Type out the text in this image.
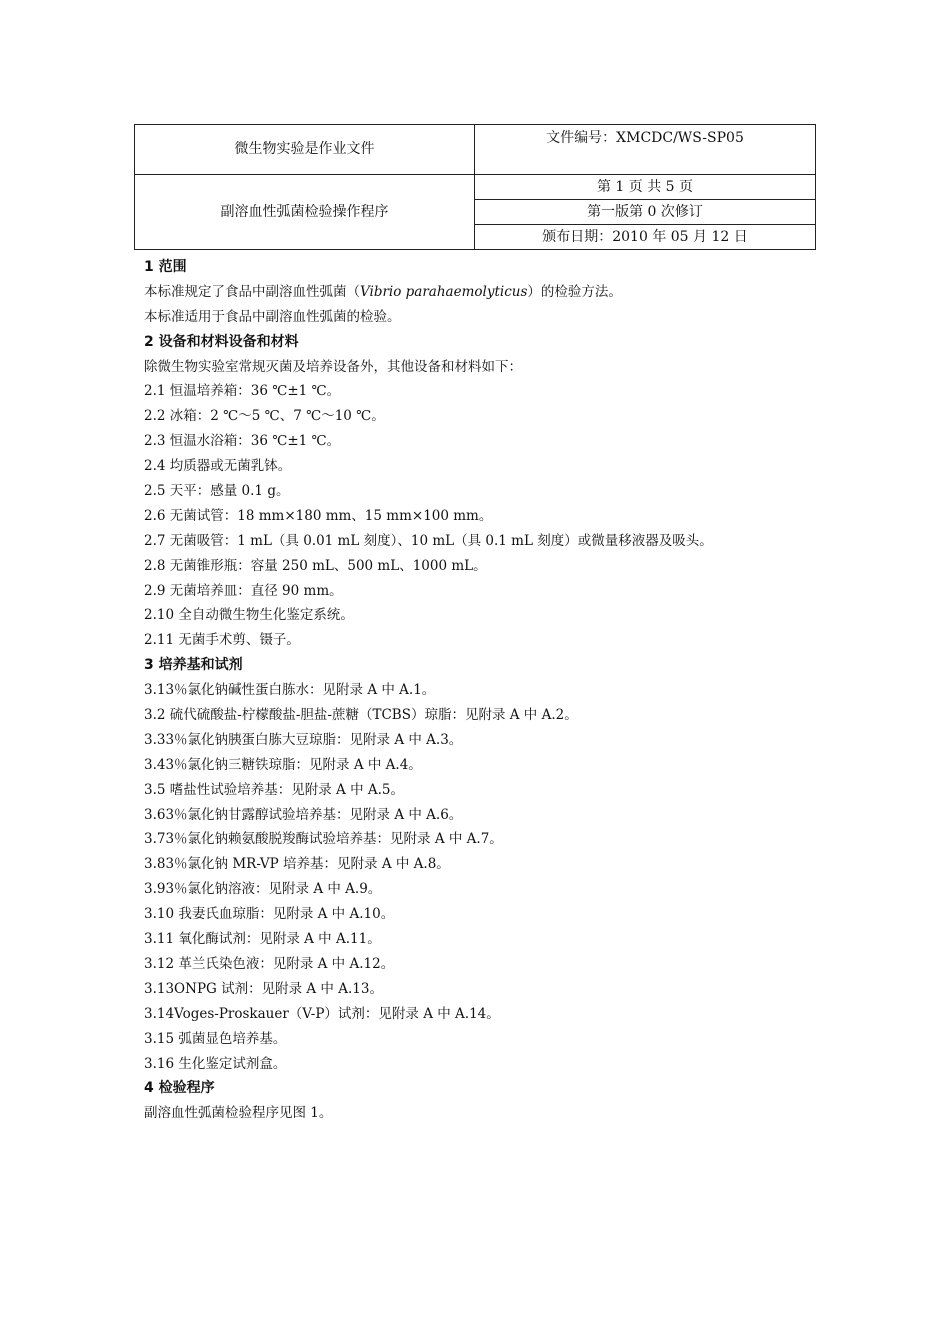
微生物实验是作业文件	文件编号：XMCDC/WS-SP05
副溶血性弧菌检验操作程序	第 1 页 共 5 页
	第一版第 0 次修订
	颁布日期：2010 年 05 月 12 日
1 范围
本标准规定了食品中副溶血性弧菌（Vibrio parahaemolyticus）的检验方法。
本标准适用于食品中副溶血性弧菌的检验。
2 设备和材料设备和材料
除微生物实验室常规灭菌及培养设备外，其他设备和材料如下：
2.1 恒温培养箱：36 ℃±1 ℃。
2.2 冰箱：2 ℃～5 ℃、7 ℃～10 ℃。
2.3 恒温水浴箱：36 ℃±1 ℃。
2.4 均质器或无菌乳钵。
2.5 天平：感量 0.1 g。
2.6 无菌试管：18 mm×180 mm、15 mm×100 mm。
2.7 无菌吸管：1 mL（具 0.01 mL 刻度）、10 mL（具 0.1 mL 刻度）或微量移液器及吸头。
2.8 无菌锥形瓶：容量 250 mL、500 mL、1000 mL。
2.9 无菌培养皿：直径 90 mm。
2.10 全自动微生物生化鉴定系统。
2.11 无菌手术剪、镊子。
3 培养基和试剂
3.13％氯化钠碱性蛋白胨水：见附录 A 中 A.1。
3.2 硫代硫酸盐-柠檬酸盐-胆盐-蔗糖（TCBS）琼脂：见附录 A 中 A.2。
3.33％氯化钠胰蛋白胨大豆琼脂：见附录 A 中 A.3。
3.43％氯化钠三糖铁琼脂：见附录 A 中 A.4。
3.5 嗜盐性试验培养基：见附录 A 中 A.5。
3.63％氯化钠甘露醇试验培养基：见附录 A 中 A.6。
3.73％氯化钠赖氨酸脱羧酶试验培养基：见附录 A 中 A.7。
3.83％氯化钠 MR-VP 培养基：见附录 A 中 A.8。
3.93％氯化钠溶液：见附录 A 中 A.9。
3.10 我妻氏血琼脂：见附录 A 中 A.10。
3.11 氧化酶试剂：见附录 A 中 A.11。
3.12 革兰氏染色液：见附录 A 中 A.12。
3.13ONPG 试剂：见附录 A 中 A.13。
3.14Voges-Proskauer（V-P）试剂：见附录 A 中 A.14。
3.15 弧菌显色培养基。
3.16 生化鉴定试剂盒。
4 检验程序
副溶血性弧菌检验程序见图 1。
